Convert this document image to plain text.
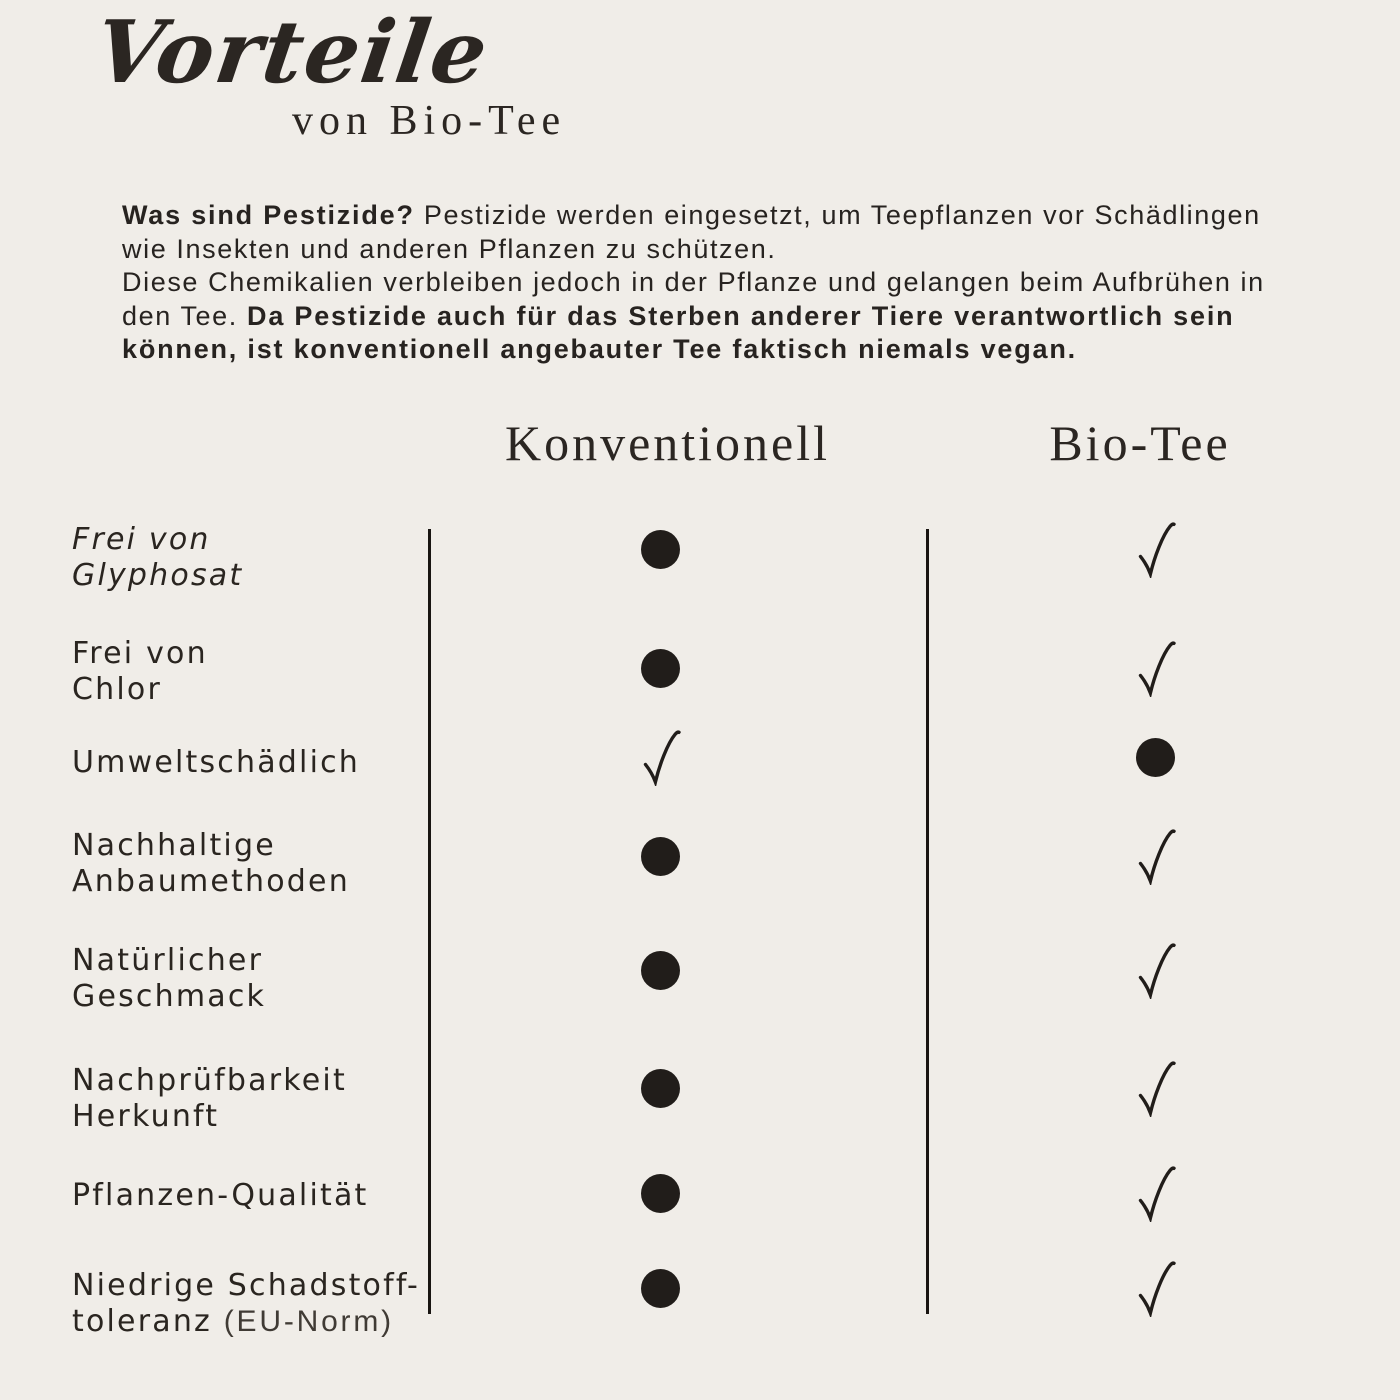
Vorteile
von Bio-Tee

Was sind Pestizide? Pestizide werden eingesetzt, um Teepflanzen vor Schädlingen wie Insekten und anderen Pflanzen zu schützen.
Diese Chemikalien verbleiben jedoch in der Pflanze und gelangen beim Aufbrühen in den Tee. Da Pestizide auch für das Sterben anderer Tiere verantwortlich sein können, ist konventionell angebauter Tee faktisch niemals vegan.

Konventionell	Bio-Tee
Frei von
Glyphosat
Frei von
Chlor
Umweltschädlich
Nachhaltige
Anbaumethoden
Natürlicher
Geschmack
Nachprüfbarkeit
Herkunft
Pflanzen-Qualität
Niedrige Schadstoff-
toleranz (EU-Norm)
